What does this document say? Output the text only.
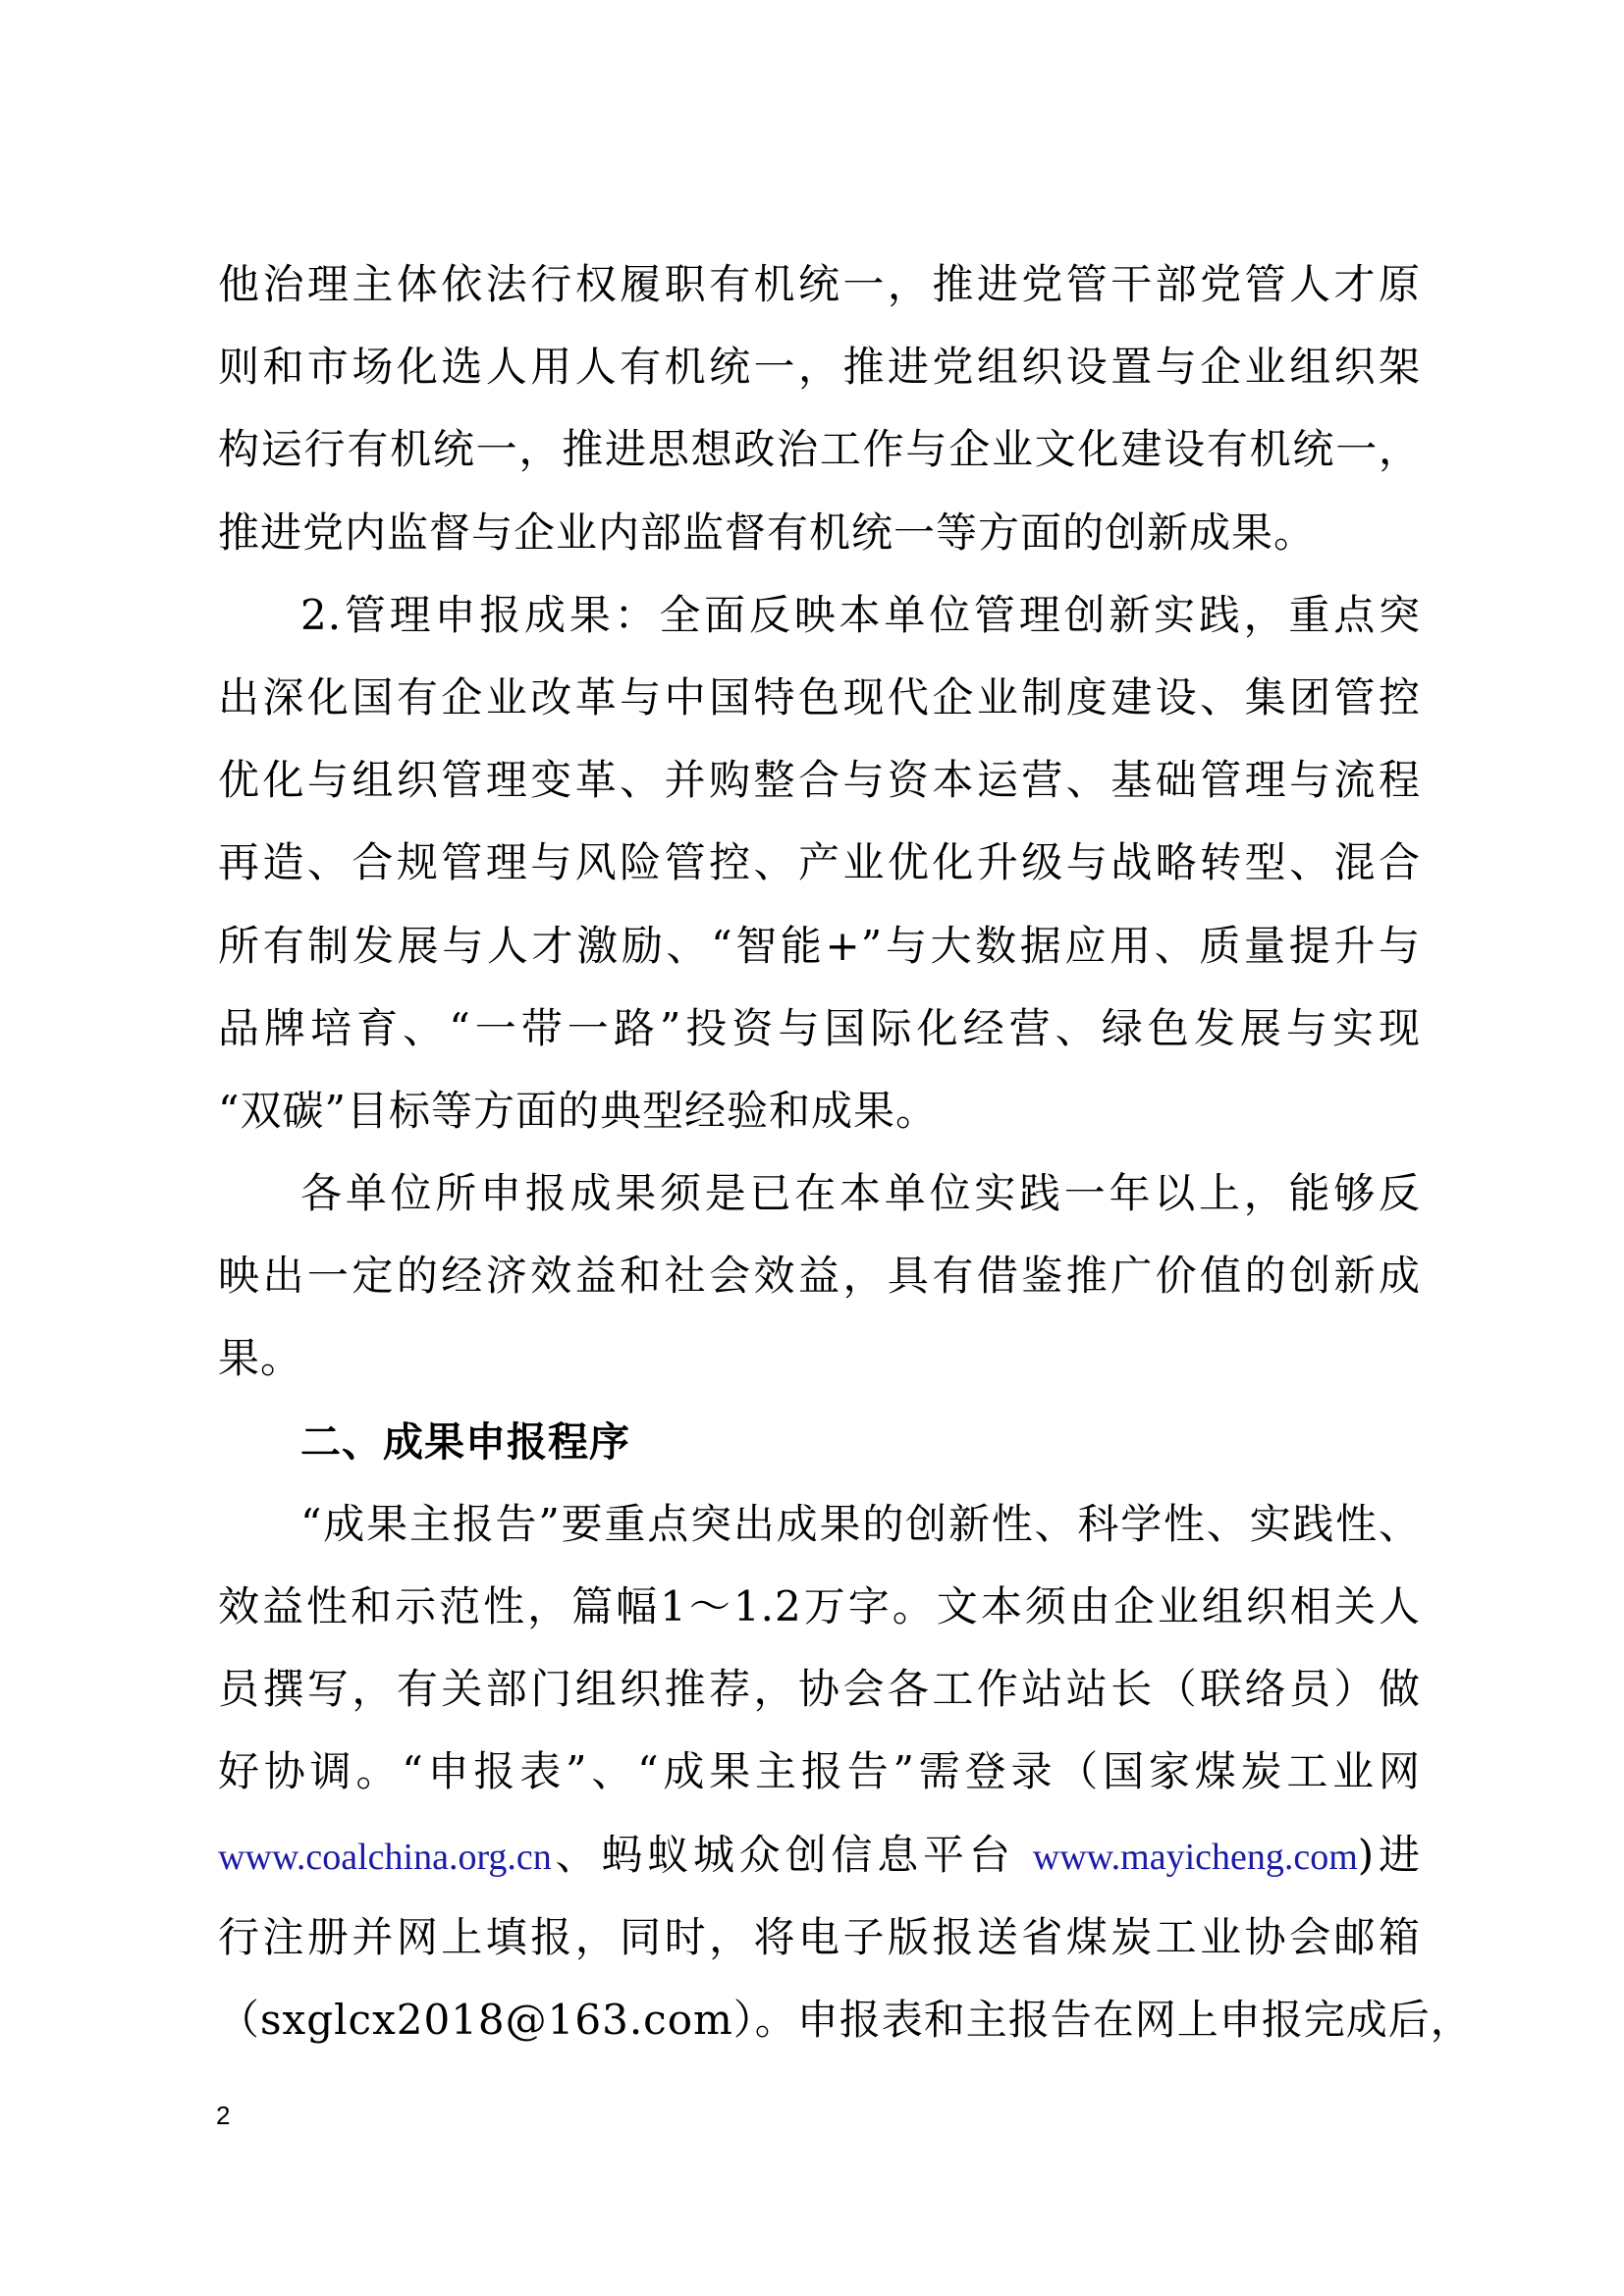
他治理主体依法行权履职有机统一，推进党管干部党管人才原
则和市场化选人用人有机统一，推进党组织设置与企业组织架
构运行有机统一，推进思想政治工作与企业文化建设有机统一，
推进党内监督与企业内部监督有机统一等方面的创新成果。
2.管理申报成果：全面反映本单位管理创新实践，重点突
出深化国有企业改革与中国特色现代企业制度建设、集团管控
优化与组织管理变革、并购整合与资本运营、基础管理与流程
再造、合规管理与风险管控、产业优化升级与战略转型、混合
所有制发展与人才激励、“智能+”与大数据应用、质量提升与
品牌培育、“一带一路”投资与国际化经营、绿色发展与实现
“双碳”目标等方面的典型经验和成果。
各单位所申报成果须是已在本单位实践一年以上，能够反
映出一定的经济效益和社会效益，具有借鉴推广价值的创新成
果。
二、成果申报程序
“成果主报告”要重点突出成果的创新性、科学性、实践性、
效益性和示范性，篇幅1～1.2万字。文本须由企业组织相关人
员撰写，有关部门组织推荐，协会各工作站站长（联络员）做
好协调。“申报表”、“成果主报告”需登录（国家煤炭工业网
www.coalchina.org.cn、蚂蚁城众创信息平台 www.mayicheng.com)进
行注册并网上填报，同时，将电子版报送省煤炭工业协会邮箱
（sxglcx2018@163.com）。申报表和主报告在网上申报完成后，
2
